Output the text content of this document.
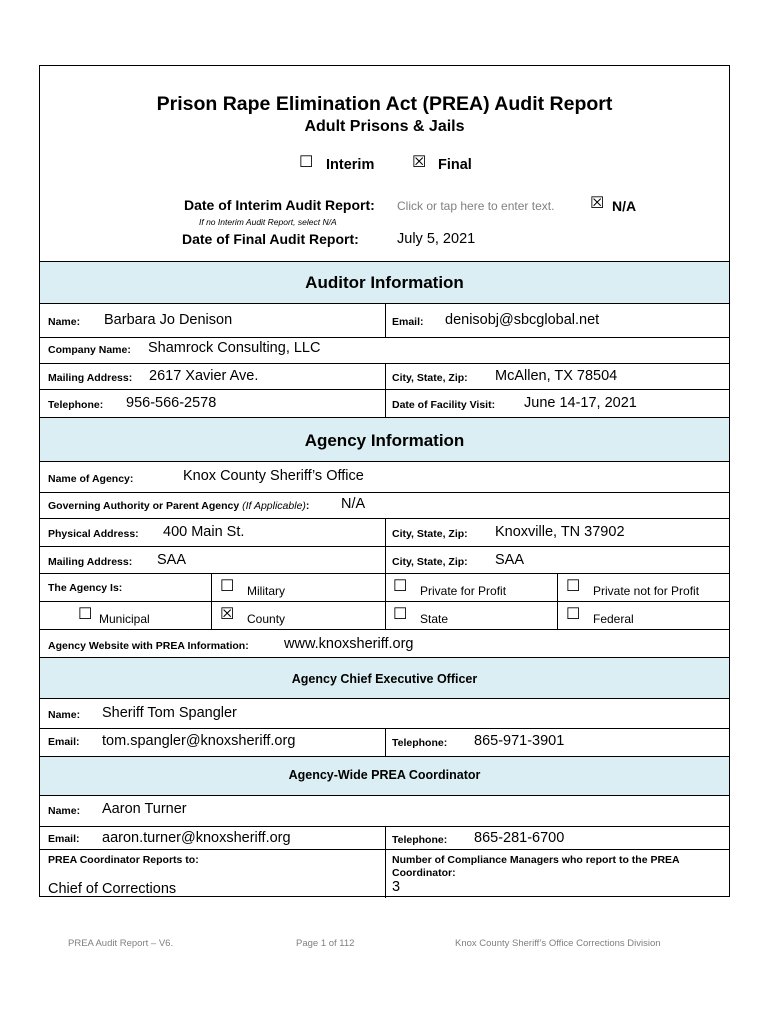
Prison Rape Elimination Act (PREA) Audit Report
Adult Prisons & Jails
☐ Interim ☒ Final
Date of Interim Audit Report: Click or tap here to enter text. ☒ N/A
If no Interim Audit Report, select N/A
Date of Final Audit Report:	July 5, 2021
Auditor Information
Name: Barbara Jo Denison	Email: denisobj@sbcglobal.net
Company Name: Shamrock Consulting, LLC
Mailing Address: 2617 Xavier Ave.	City, State, Zip: McAllen, TX 78504
Telephone: 956-566-2578	Date of Facility Visit: June 14-17, 2021
Agency Information
Name of Agency:	Knox County Sheriff’s Office
Governing Authority or Parent Agency (If Applicable): N/A
Physical Address: 400 Main St.	City, State, Zip: Knoxville, TN 37902
Mailing Address: SAA	City, State, Zip: SAA
The Agency Is:	☐ Military	☐ Private for Profit	☐ Private not for Profit
☐ Municipal	☒ County	☐ State	☐ Federal
Agency Website with PREA Information: www.knoxsheriff.org
Agency Chief Executive Officer
Name: Sheriff Tom Spangler
Email: tom.spangler@knoxsheriff.org	Telephone: 865-971-3901
Agency-Wide PREA Coordinator
Name: Aaron Turner
Email: aaron.turner@knoxsheriff.org	Telephone: 865-281-6700
PREA Coordinator Reports to:
Chief of Corrections
Number of Compliance Managers who report to the PREA
Coordinator:
3
PREA Audit Report – V6.	Page 1 of 112	Knox County Sheriff’s Office Corrections Division
